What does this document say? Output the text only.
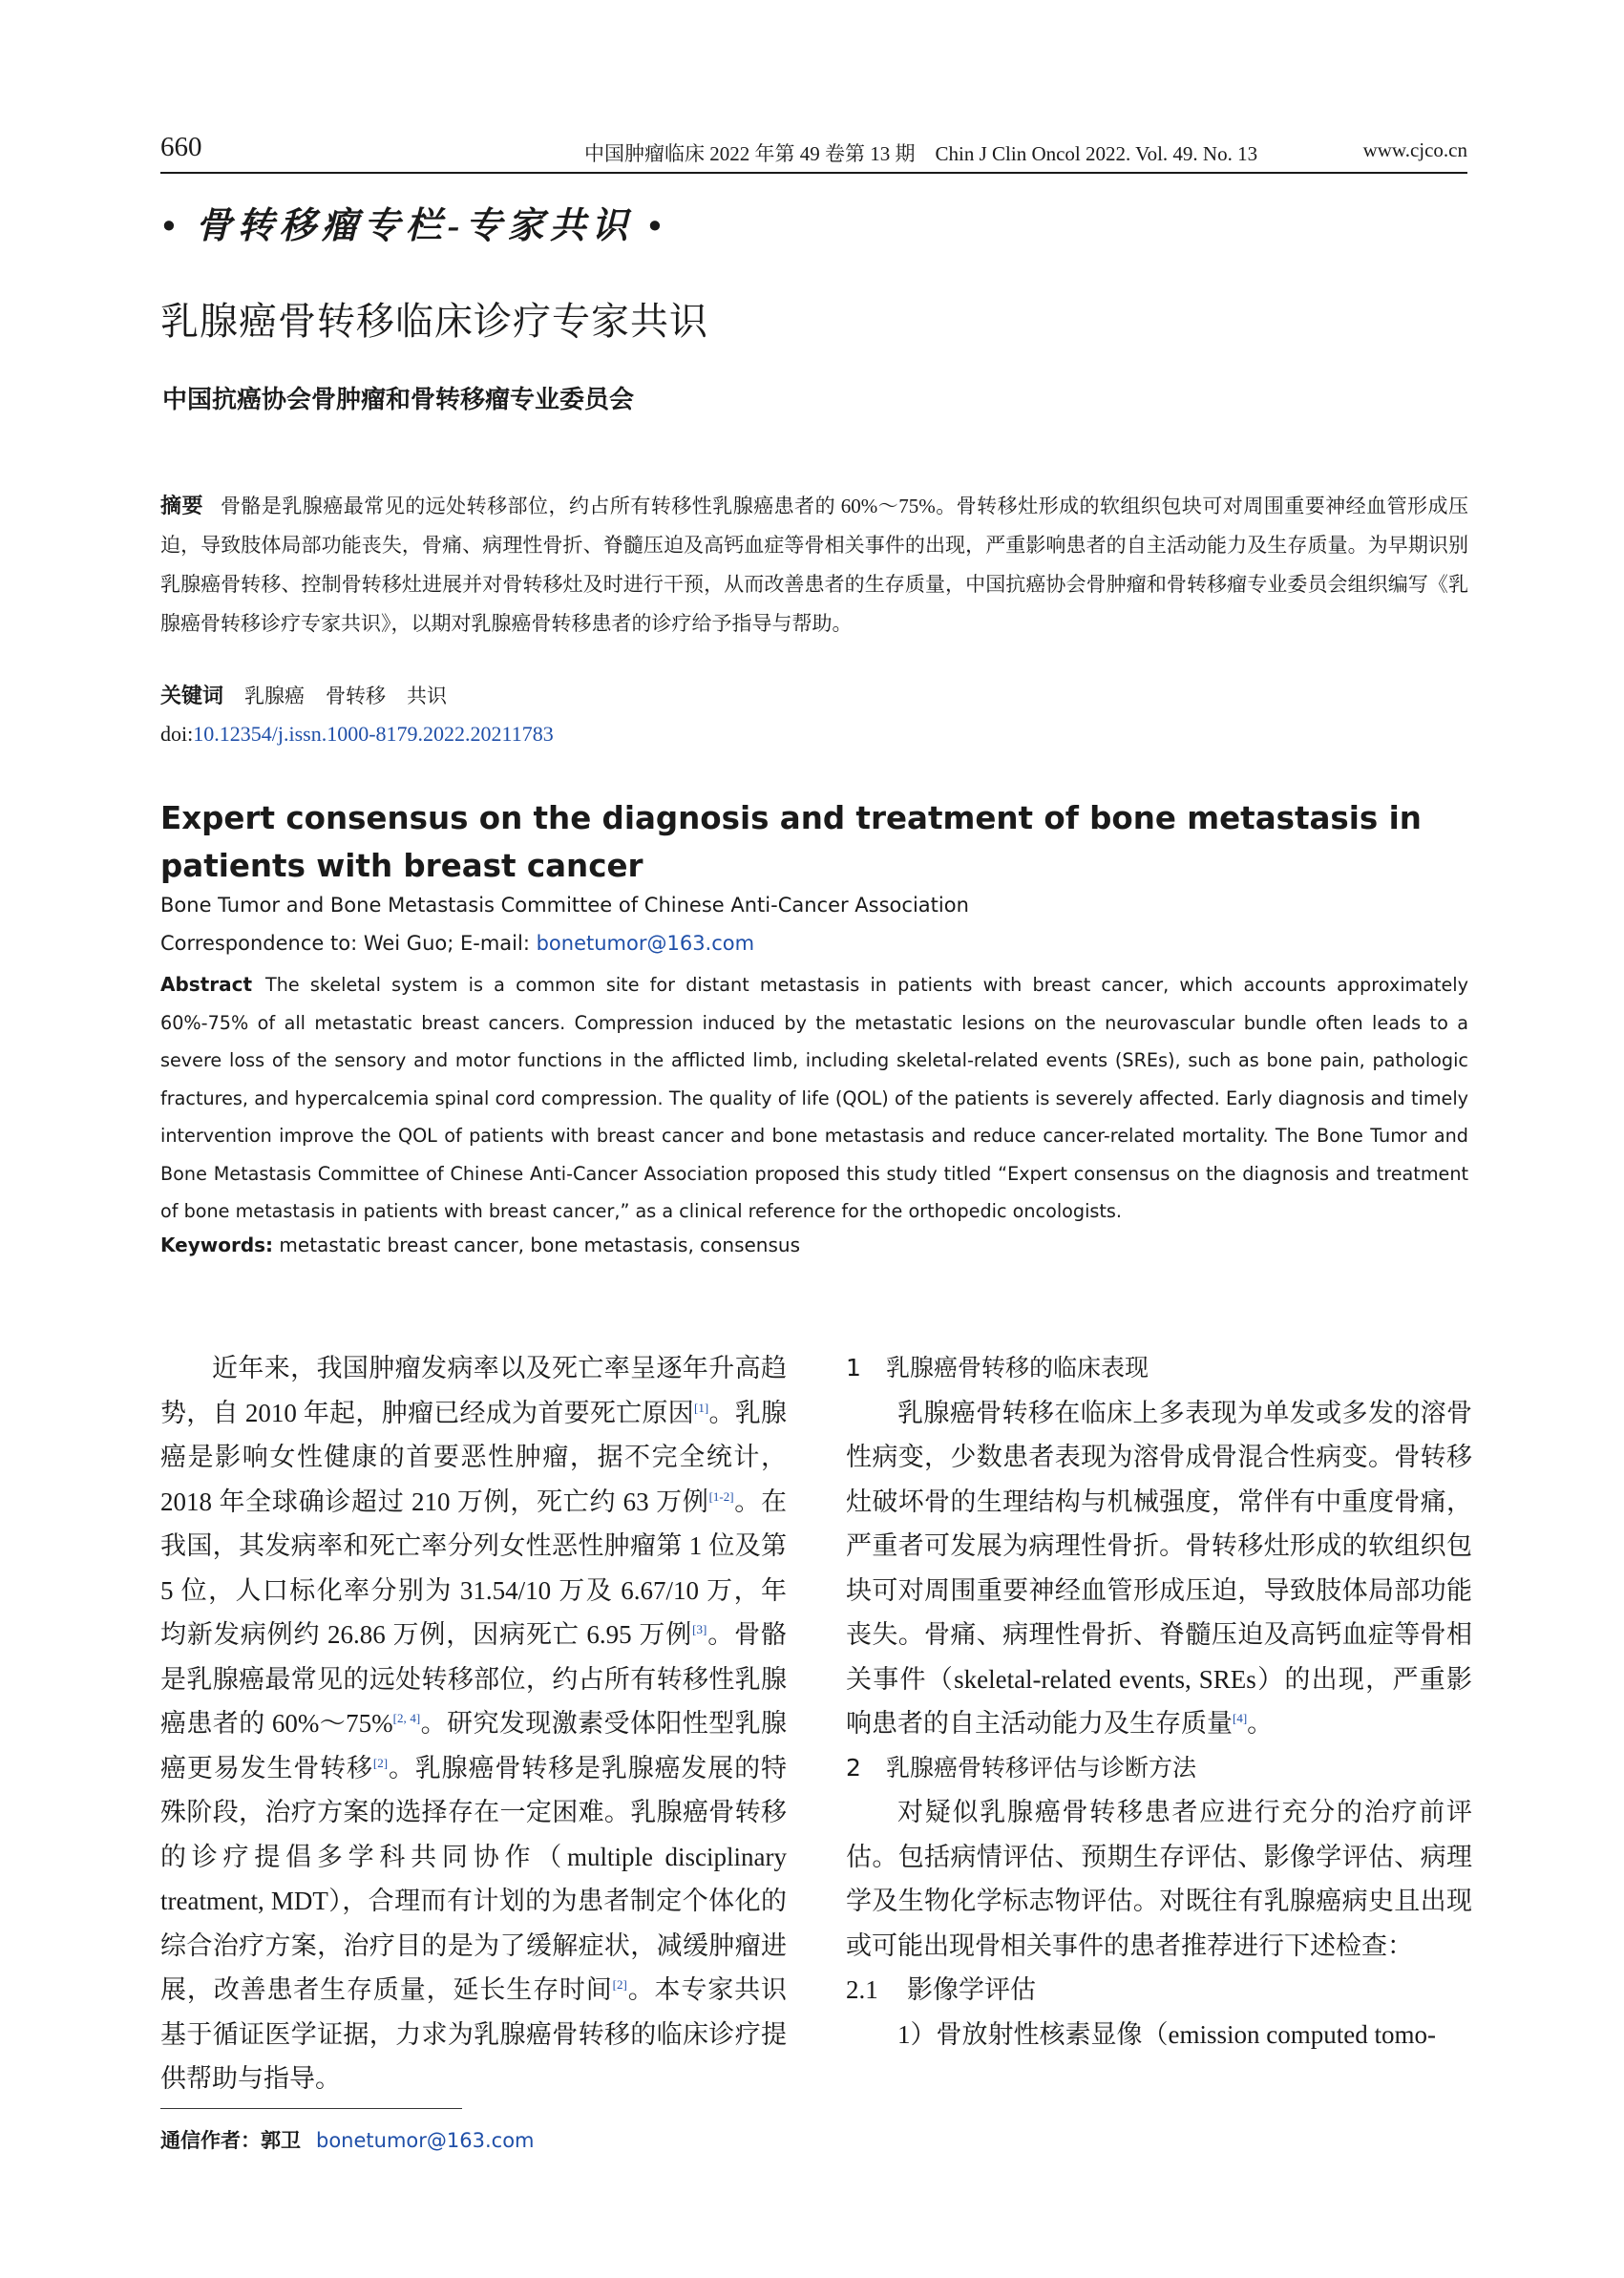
660	中国肿瘤临床 2022 年第 49 卷第 13 期　Chin J Clin Oncol 2022. Vol. 49. No. 13	www.cjco.cn
• 骨转移瘤专栏-专家共识 •
乳腺癌骨转移临床诊疗专家共识
中国抗癌协会骨肿瘤和骨转移瘤专业委员会
摘要 骨骼是乳腺癌最常见的远处转移部位，约占所有转移性乳腺癌患者的 60%～75%。骨转移灶形成的软组织包块可对周围重要神经血管形成压迫，导致肢体局部功能丧失，骨痛、病理性骨折、脊髓压迫及高钙血症等骨相关事件的出现，严重影响患者的自主活动能力及生存质量。为早期识别乳腺癌骨转移、控制骨转移灶进展并对骨转移灶及时进行干预，从而改善患者的生存质量，中国抗癌协会骨肿瘤和骨转移瘤专业委员会组织编写《乳腺癌骨转移诊疗专家共识》，以期对乳腺癌骨转移患者的诊疗给予指导与帮助。
关键词 乳腺癌 骨转移 共识
doi:10.12354/j.issn.1000-8179.2022.20211783
Expert consensus on the diagnosis and treatment of bone metastasis in patients with breast cancer
Bone Tumor and Bone Metastasis Committee of Chinese Anti-Cancer Association
Correspondence to: Wei Guo; E-mail: bonetumor@163.com
Abstract The skeletal system is a common site for distant metastasis in patients with breast cancer, which accounts approximately 60%-75% of all metastatic breast cancers. Compression induced by the metastatic lesions on the neurovascular bundle often leads to a severe loss of the sensory and motor functions in the afflicted limb, including skeletal-related events (SREs), such as bone pain, pathologic fractures, and hypercalcemia spinal cord compression. The quality of life (QOL) of the patients is severely affected. Early diagnosis and timely intervention improve the QOL of patients with breast cancer and bone metastasis and reduce cancer-related mortality. The Bone Tumor and Bone Metastasis Committee of Chinese Anti-Cancer Association proposed this study titled “Expert consensus on the diagnosis and treatment of bone metastasis in patients with breast cancer,” as a clinical reference for the orthopedic oncologists.
Keywords: metastatic breast cancer, bone metastasis, consensus

近年来，我国肿瘤发病率以及死亡率呈逐年升高趋势，自 2010 年起，肿瘤已经成为首要死亡原因[1]。乳腺癌是影响女性健康的首要恶性肿瘤，据不完全统计，2018 年全球确诊超过 210 万例，死亡约 63 万例[1-2]。在我国，其发病率和死亡率分列女性恶性肿瘤第 1 位及第 5 位，人口标化率分别为 31.54/10 万及 6.67/10 万，年均新发病例约 26.86 万例，因病死亡 6.95 万例[3]。骨骼是乳腺癌最常见的远处转移部位，约占所有转移性乳腺癌患者的 60%～75%[2, 4]。研究发现激素受体阳性型乳腺癌更易发生骨转移[2]。乳腺癌骨转移是乳腺癌发展的特殊阶段，治疗方案的选择存在一定困难。乳腺癌骨转移的诊疗提倡多学科共同协作（multiple disciplinary treatment, MDT），合理而有计划的为患者制定个体化的综合治疗方案，治疗目的是为了缓解症状，减缓肿瘤进展，改善患者生存质量，延长生存时间[2]。本专家共识基于循证医学证据，力求为乳腺癌骨转移的临床诊疗提供帮助与指导。

1 乳腺癌骨转移的临床表现

乳腺癌骨转移在临床上多表现为单发或多发的溶骨性病变，少数患者表现为溶骨成骨混合性病变。骨转移灶破坏骨的生理结构与机械强度，常伴有中重度骨痛，严重者可发展为病理性骨折。骨转移灶形成的软组织包块可对周围重要神经血管形成压迫，导致肢体局部功能丧失。骨痛、病理性骨折、脊髓压迫及高钙血症等骨相关事件（skeletal-related events, SREs）的出现，严重影响患者的自主活动能力及生存质量[4]。

2 乳腺癌骨转移评估与诊断方法

对疑似乳腺癌骨转移患者应进行充分的治疗前评估。包括病情评估、预期生存评估、影像学评估、病理学及生物化学标志物评估。对既往有乳腺癌病史且出现或可能出现骨相关事件的患者推荐进行下述检查：

2.1 影像学评估

1）骨放射性核素显像（emission computed tomo-

通信作者：郭卫 bonetumor@163.com
